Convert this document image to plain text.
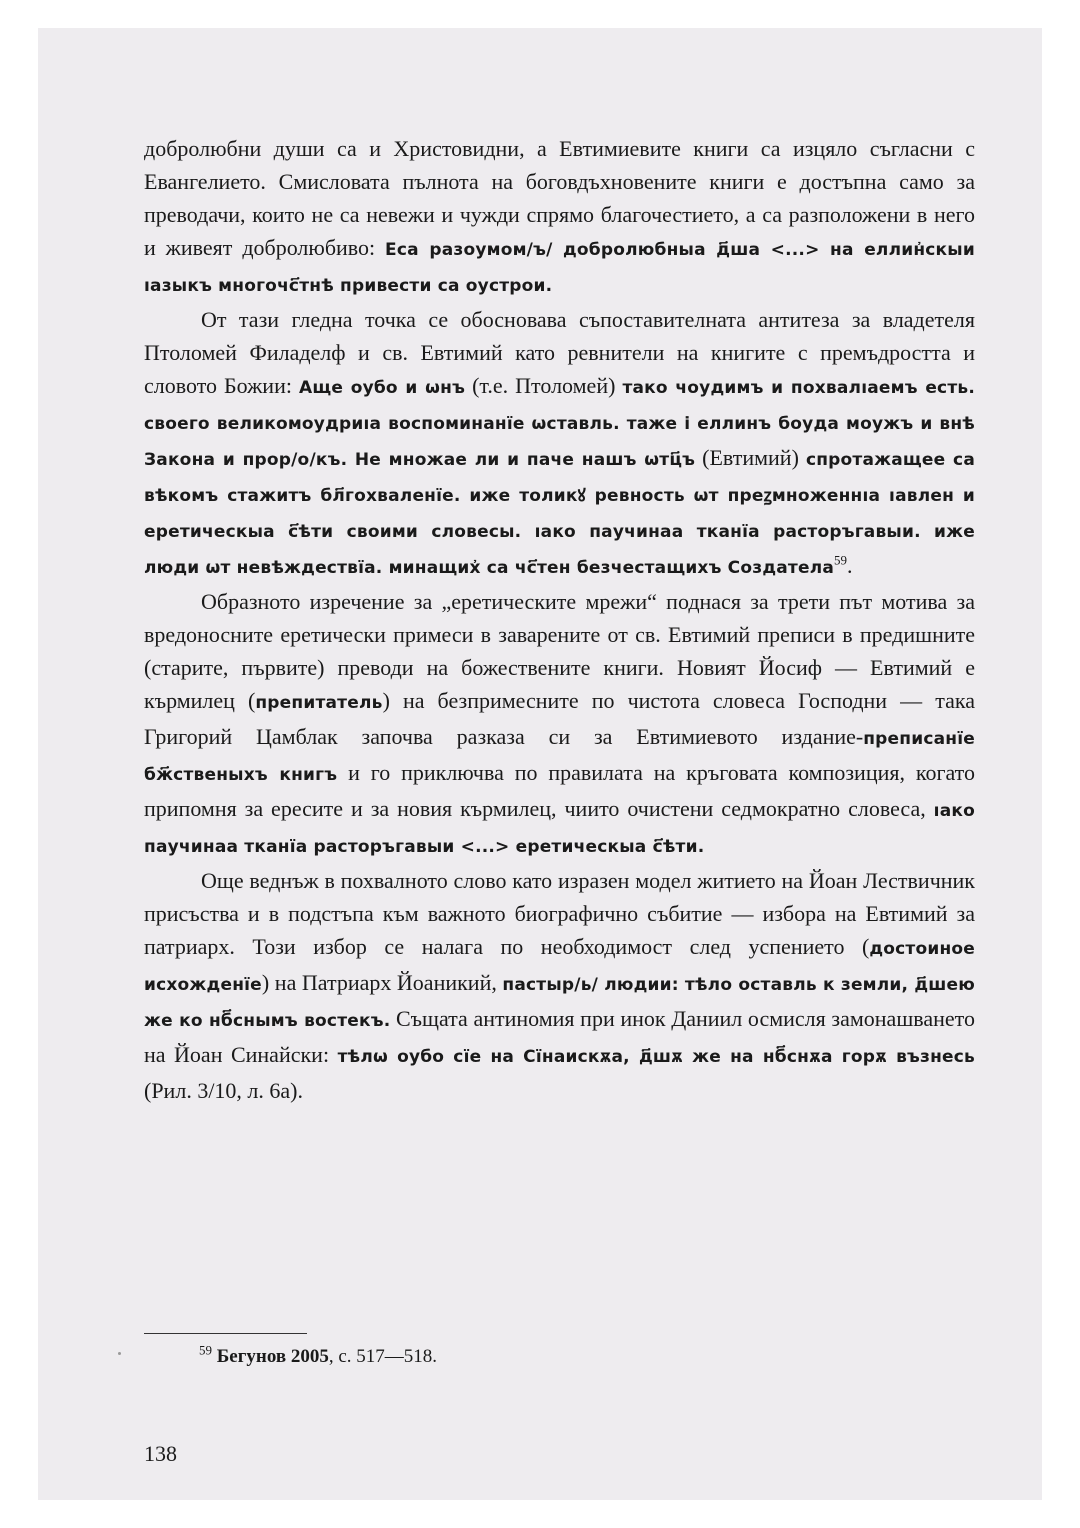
добролюбни души са и Христовидни, а Евтимиевите книги са изцяло съгласни с Евангелието. Смисловата пълнота на боговдъхновените книги е достъпна само за преводачи, които не са невежи и чужди спрямо благочестието, а са разположени в него и живеят добролюбиво: Еса разоумом/ъ/ добролюбныа д҃ша <...> на еллин҆скыи ıазыкъ многочс҃тнѣ привести са оустрои.

От тази гледна точка се обосновава съпоставителната антитеза за владетеля Птоломей Филаделф и св. Евтимий като ревнители на книгите с премъдростта и словото Божии: Аще оубо и ѡнъ (т.е. Птоломей) тако чоудимъ и похвалıаемъ есть. своего великомоудриıа воспоминанїе ѡставль. таже і еллинъ боуда моужъ и внѣ Закона и прор/о/къ. Не множае ли и паче нашъ ѡтц҃ъ (Евтимий) спротажащее са вѣкомъ стажитъ бл҃гохваленїе. иже толикꙋ ревность ѡт преꙁмноженнıа ıавлен и еретическыа с҃ѣти своими словесы. ıако паучинаа тканїа расторъгавыи. иже люди ѡт невѣждествїа. минащих҆ са чс҃тен безчестащихъ Создатела$^{59}$.

Образното изречение за „еретическите мрежи“ поднася за трети път мотива за вредоносните еретически примеси в заварените от св. Евтимий преписи в предишните (старите, първите) преводи на божествените книги. Новият Йосиф — Евтимий е кърмилец (препитатель) на безпримесните по чистота словеса Господни — така Григорий Цамблак започва разказа си за Евтимиевото издание-преписанїе бж҃ственыхъ книгъ и го приключва по правилата на кръговата композиция, когато припомня за ересите и за новия кърмилец, чиито очистени седмократно словеса, ıако паучинаа тканїа расторъгавыи <...> еретическыа с҃ѣти.

Още веднъж в похвалното слово като изразен модел житието на Йоан Лествичник присъства и в подстъпа към важното биографично събитие — избора на Евтимий за патриарх. Този избор се налага по необходимост след успението (достоинoе исхожденїе) на Патриарх Йоаникий, пастыр/ь/ людии: тѣло оставль к земли, д҃шею же ко нб҃снымъ востекъ. Същата антиномия при инок Даниил осмисля замонашването на Йоан Синайски: тѣлѡ оубо сїе на Сїнаискѫа, д҃шѫ же на нб҃снѫа горѫ възнесь (Рил. 3/10, л. 6а).

$^{59}$ Бегунов 2005, с. 517—518.
138
